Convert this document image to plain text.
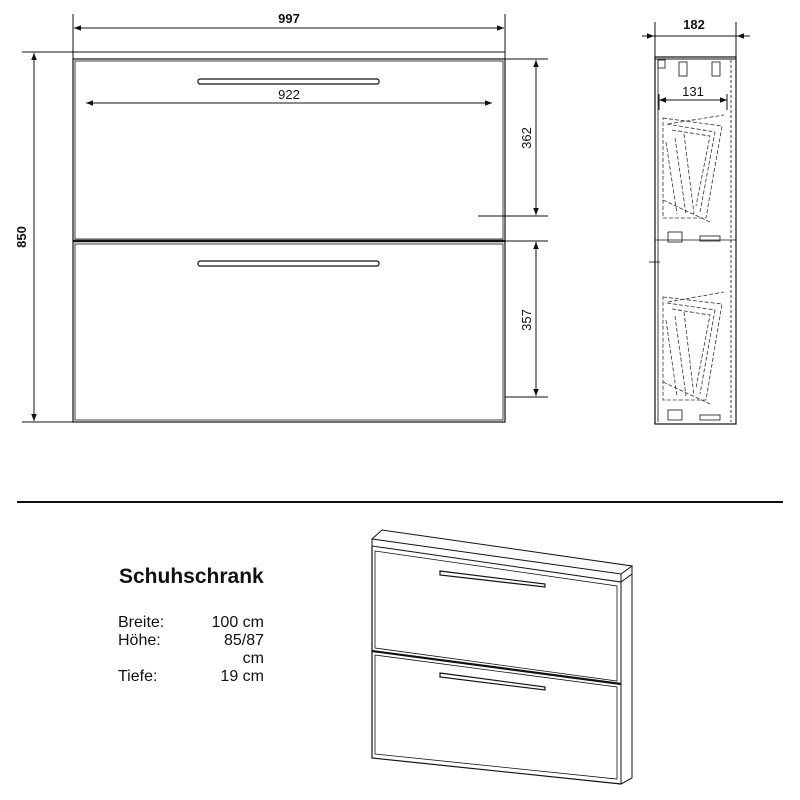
997
922
850
362
357
182
131
Schuhschrank
Breite:	100 cm
Höhe:	85/87 cm
Tiefe:	19 cm
